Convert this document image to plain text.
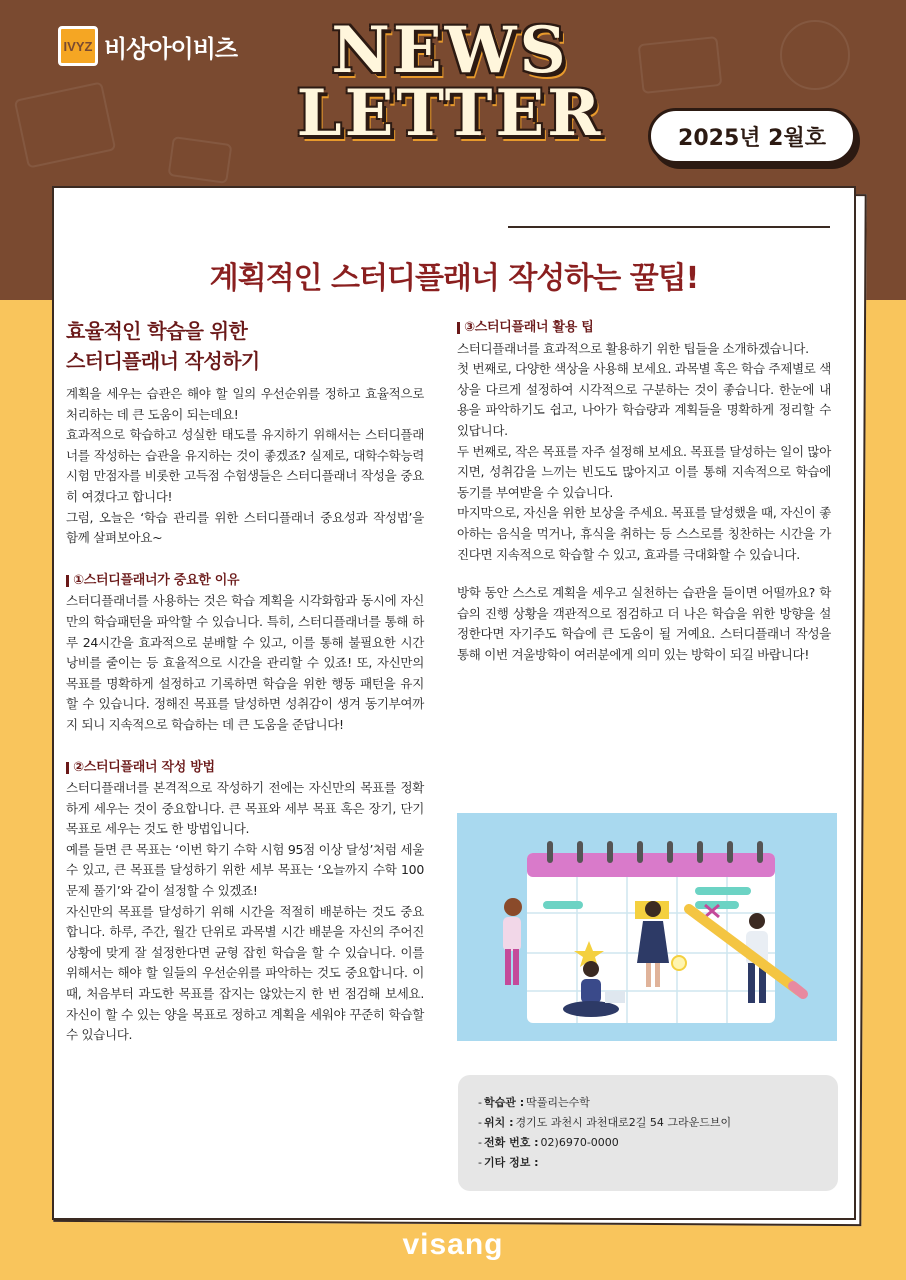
IVYZ 비상아이비츠	NEWS
LETTER	2025년 2월호
계획적인 스터디플래너 작성하는 꿀팁!
효율적인 학습을 위한
스터디플래너 작성하기
계획을 세우는 습관은 해야 할 일의 우선순위를 정하고 효율적으로 처리하는 데 큰 도움이 되는데요!
효과적으로 학습하고 성실한 태도를 유지하기 위해서는 스터디플래너를 작성하는 습관을 유지하는 것이 좋겠죠? 실제로, 대학수학능력시험 만점자를 비롯한 고득점 수험생들은 스터디플래너 작성을 중요히 여겼다고 합니다!
그럼, 오늘은 ‘학습 관리를 위한 스터디플래너 중요성과 작성법’을 함께 살펴보아요~
①스터디플래너가 중요한 이유
스터디플래너를 사용하는 것은 학습 계획을 시각화함과 동시에 자신만의 학습패턴을 파악할 수 있습니다. 특히, 스터디플래너를 통해 하루 24시간을 효과적으로 분배할 수 있고, 이를 통해 불필요한 시간 낭비를 줄이는 등 효율적으로 시간을 관리할 수 있죠! 또, 자신만의 목표를 명확하게 설정하고 기록하면 학습을 위한 행동 패턴을 유지할 수 있습니다. 정해진 목표를 달성하면 성취감이 생겨 동기부여까지 되니 지속적으로 학습하는 데 큰 도움을 준답니다!
②스터디플래너 작성 방법
스터디플래너를 본격적으로 작성하기 전에는 자신만의 목표를 정확하게 세우는 것이 중요합니다. 큰 목표와 세부 목표 혹은 장기, 단기 목표로 세우는 것도 한 방법입니다.
예를 들면 큰 목표는 ‘이번 학기 수학 시험 95점 이상 달성’처럼 세울 수 있고, 큰 목표를 달성하기 위한 세부 목표는 ‘오늘까지 수학 100문제 풀기’와 같이 설정할 수 있겠죠!
자신만의 목표를 달성하기 위해 시간을 적절히 배분하는 것도 중요합니다. 하루, 주간, 월간 단위로 과목별 시간 배분을 자신의 주어진 상황에 맞게 잘 설정한다면 균형 잡힌 학습을 할 수 있습니다. 이를 위해서는 해야 할 일들의 우선순위를 파악하는 것도 중요합니다. 이때, 처음부터 과도한 목표를 잡지는 않았는지 한 번 점검해 보세요. 자신이 할 수 있는 양을 목표로 정하고 계획을 세워야 꾸준히 학습할 수 있습니다.
③스터디플래너 활용 팁
스터디플래너를 효과적으로 활용하기 위한 팁들을 소개하겠습니다.
첫 번째로, 다양한 색상을 사용해 보세요. 과목별 혹은 학습 주제별로 색상을 다르게 설정하여 시각적으로 구분하는 것이 좋습니다. 한눈에 내용을 파악하기도 쉽고, 나아가 학습량과 계획들을 명확하게 정리할 수 있답니다.
두 번째로, 작은 목표를 자주 설정해 보세요. 목표를 달성하는 일이 많아지면, 성취감을 느끼는 빈도도 많아지고 이를 통해 지속적으로 학습에 동기를 부여받을 수 있습니다.
마지막으로, 자신을 위한 보상을 주세요. 목표를 달성했을 때, 자신이 좋아하는 음식을 먹거나, 휴식을 취하는 등 스스로를 칭찬하는 시간을 가진다면 지속적으로 학습할 수 있고, 효과를 극대화할 수 있습니다.
방학 동안 스스로 계획을 세우고 실천하는 습관을 들이면 어떨까요? 학습의 진행 상황을 객관적으로 점검하고 더 나은 학습을 위한 방향을 설정한다면 자기주도 학습에 큰 도움이 될 거예요. 스터디플래너 작성을 통해 이번 겨울방학이 여러분에게 의미 있는 방학이 되길 바랍니다!
- 학습관 : 딱풀리는수학
- 위치 : 경기도 과천시 과천대로2길 54 그라운드브이
- 전화 번호 : 02)6970-0000
- 기타 정보 :
visang
